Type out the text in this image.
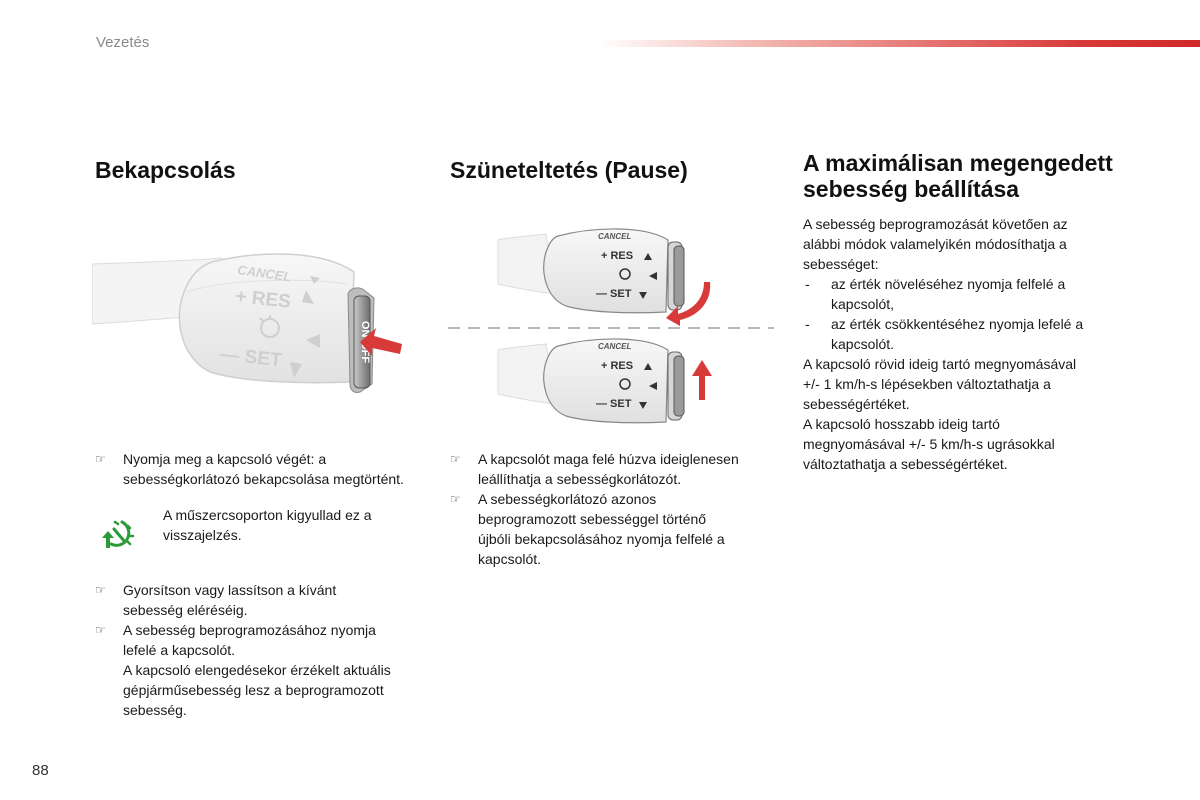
Vezetés
Bekapcsolás
CANCEL
+ RES
— SET
☞ Nyomja meg a kapcsoló végét: a
sebességkorlátozó bekapcsolása megtörtént.
A műszercsoporton kigyullad ez a
visszajelzés.
☞ Gyorsítson vagy lassítson a kívánt
sebesség eléréséig.
☞ A sebesség beprogramozásához nyomja
lefelé a kapcsolót.
A kapcsoló elengedésekor érzékelt aktuális
gépjárműsebesség lesz a beprogramozott
sebesség.
Szüneteltetés (Pause)
CANCEL
+ RES
— SET
CANCEL
+ RES
— SET
☞ A kapcsolót maga felé húzva ideiglenesen
leállíthatja a sebességkorlátozót.
☞ A sebességkorlátozó azonos
beprogramozott sebességgel történő
újbóli bekapcsolásához nyomja felfelé a
kapcsolót.
A maximálisan megengedett
sebesség beállítása
A sebesség beprogramozását követően az
alábbi módok valamelyikén módosíthatja a
sebességet:
- az érték növeléséhez nyomja felfelé a
kapcsolót,
- az érték csökkentéséhez nyomja lefelé a
kapcsolót.
A kapcsoló rövid ideig tartó megnyomásával
+/- 1 km/h-s lépésekben változtathatja a
sebességértéket.
A kapcsoló hosszabb ideig tartó
megnyomásával +/- 5 km/h-s ugrásokkal
változtathatja a sebességértéket.
88
